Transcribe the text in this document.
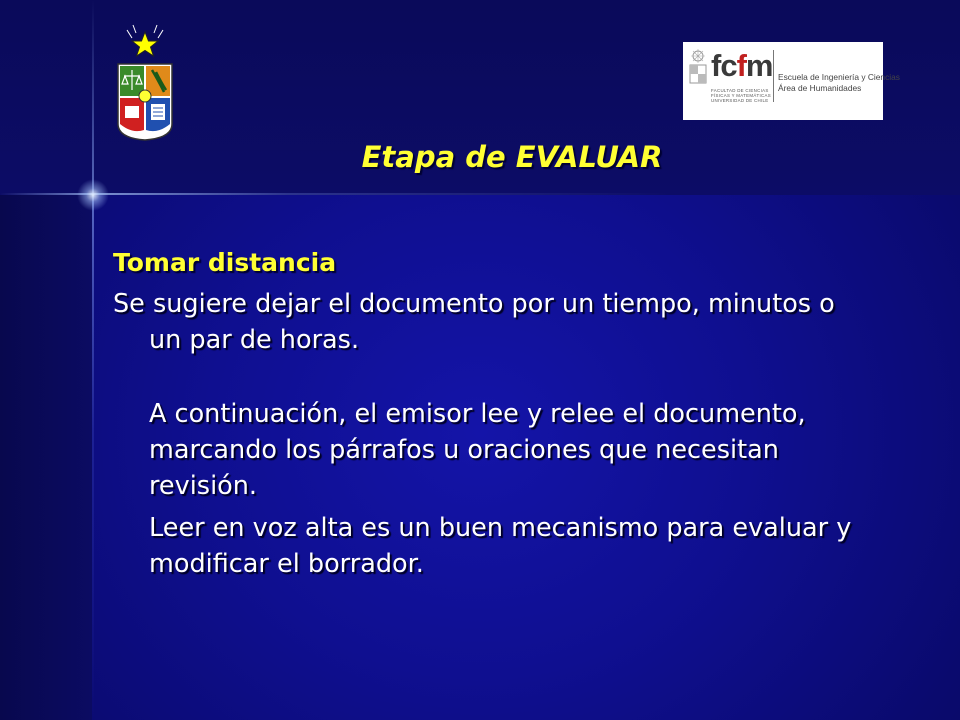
fcfm Escuela de Ingeniería y Ciencias
Área de Humanidades
FACULTAD DE CIENCIAS
FÍSICAS Y MATEMÁTICAS
UNIVERSIDAD DE CHILE
Etapa de EVALUAR
Tomar distancia
Se sugiere dejar el documento por un tiempo, minutos o un par de horas.
A continuación, el emisor lee y relee el documento, marcando los párrafos u oraciones que necesitan revisión.
Leer en voz alta es un buen mecanismo para evaluar y modificar el borrador.
